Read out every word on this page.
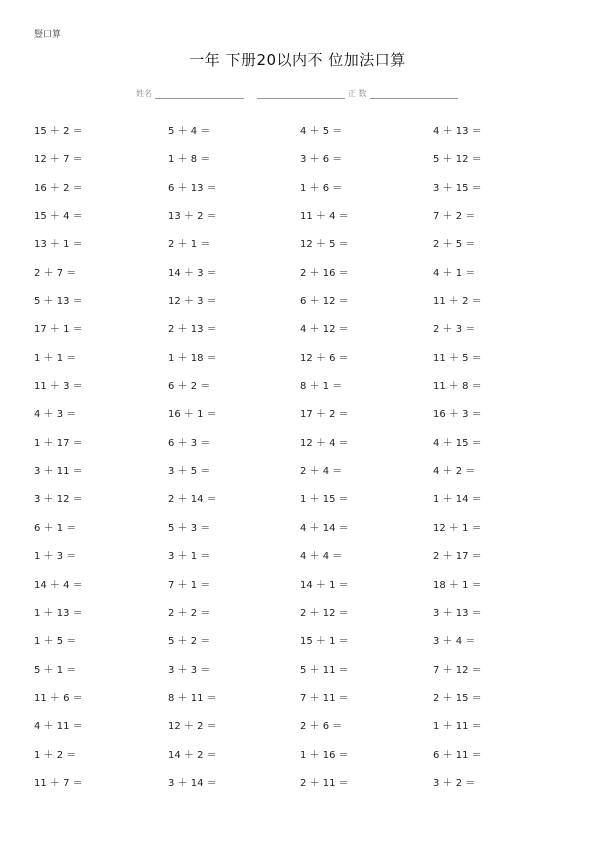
豎口算
一年 下册20以内不 位加法口算
姓名	正 数
15 ＋ 2 ＝	5 ＋ 4 ＝	4 ＋ 5 ＝	4 ＋ 13 ＝
12 ＋ 7 ＝	1 ＋ 8 ＝	3 ＋ 6 ＝	5 ＋ 12 ＝
16 ＋ 2 ＝	6 ＋ 13 ＝	1 ＋ 6 ＝	3 ＋ 15 ＝
15 ＋ 4 ＝	13 ＋ 2 ＝	11 ＋ 4 ＝	7 ＋ 2 ＝
13 ＋ 1 ＝	2 ＋ 1 ＝	12 ＋ 5 ＝	2 ＋ 5 ＝
2 ＋ 7 ＝	14 ＋ 3 ＝	2 ＋ 16 ＝	4 ＋ 1 ＝
5 ＋ 13 ＝	12 ＋ 3 ＝	6 ＋ 12 ＝	11 ＋ 2 ＝
17 ＋ 1 ＝	2 ＋ 13 ＝	4 ＋ 12 ＝	2 ＋ 3 ＝
1 ＋ 1 ＝	1 ＋ 18 ＝	12 ＋ 6 ＝	11 ＋ 5 ＝
11 ＋ 3 ＝	6 ＋ 2 ＝	8 ＋ 1 ＝	11 ＋ 8 ＝
4 ＋ 3 ＝	16 ＋ 1 ＝	17 ＋ 2 ＝	16 ＋ 3 ＝
1 ＋ 17 ＝	6 ＋ 3 ＝	12 ＋ 4 ＝	4 ＋ 15 ＝
3 ＋ 11 ＝	3 ＋ 5 ＝	2 ＋ 4 ＝	4 ＋ 2 ＝
3 ＋ 12 ＝	2 ＋ 14 ＝	1 ＋ 15 ＝	1 ＋ 14 ＝
6 ＋ 1 ＝	5 ＋ 3 ＝	4 ＋ 14 ＝	12 ＋ 1 ＝
1 ＋ 3 ＝	3 ＋ 1 ＝	4 ＋ 4 ＝	2 ＋ 17 ＝
14 ＋ 4 ＝	7 ＋ 1 ＝	14 ＋ 1 ＝	18 ＋ 1 ＝
1 ＋ 13 ＝	2 ＋ 2 ＝	2 ＋ 12 ＝	3 ＋ 13 ＝
1 ＋ 5 ＝	5 ＋ 2 ＝	15 ＋ 1 ＝	3 ＋ 4 ＝
5 ＋ 1 ＝	3 ＋ 3 ＝	5 ＋ 11 ＝	7 ＋ 12 ＝
11 ＋ 6 ＝	8 ＋ 11 ＝	7 ＋ 11 ＝	2 ＋ 15 ＝
4 ＋ 11 ＝	12 ＋ 2 ＝	2 ＋ 6 ＝	1 ＋ 11 ＝
1 ＋ 2 ＝	14 ＋ 2 ＝	1 ＋ 16 ＝	6 ＋ 11 ＝
11 ＋ 7 ＝	3 ＋ 14 ＝	2 ＋ 11 ＝	3 ＋ 2 ＝
